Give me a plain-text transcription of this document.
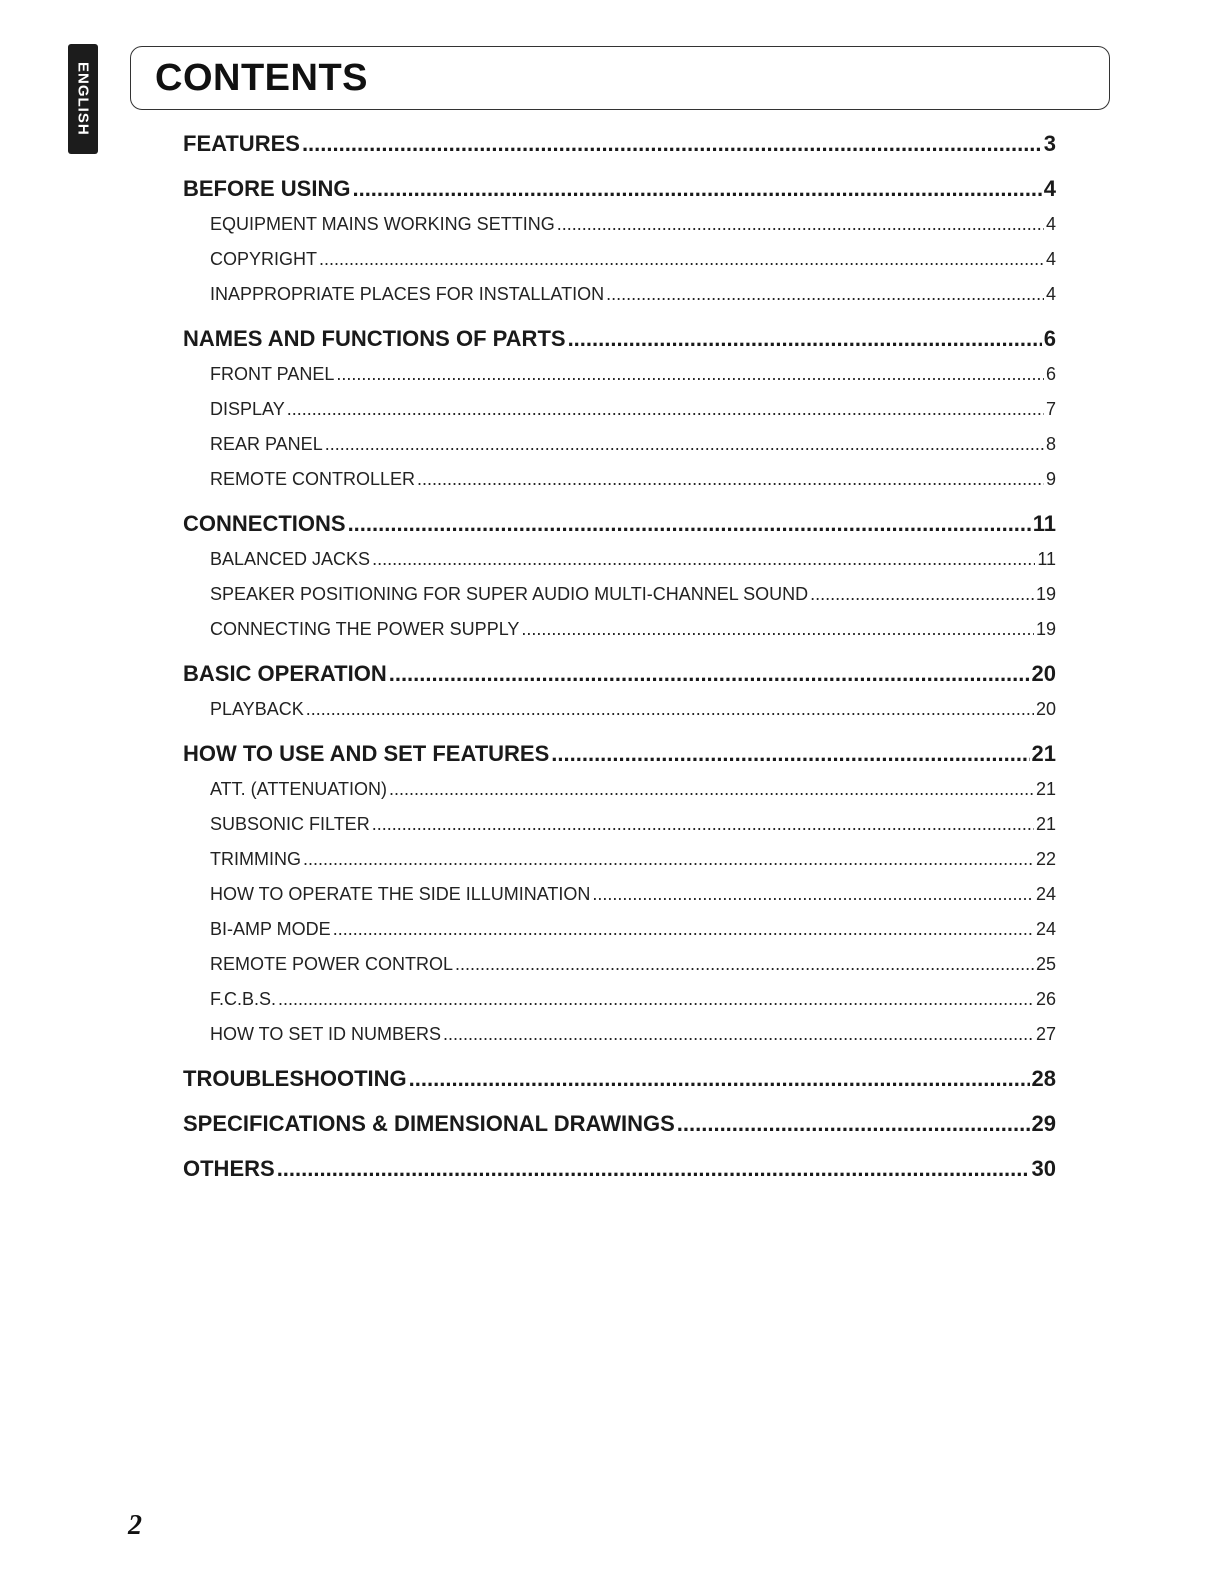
ENGLISH CONTENTS
FEATURES .....	3
BEFORE USING .....	4
EQUIPMENT MAINS WORKING SETTING .....	4
COPYRIGHT .....	4
INAPPROPRIATE PLACES FOR INSTALLATION .....	4
NAMES AND FUNCTIONS OF PARTS .....	6
FRONT PANEL .....	6
DISPLAY .....	7
REAR PANEL .....	8
REMOTE CONTROLLER .....	9
CONNECTIONS .....	11
BALANCED JACKS .....	11
SPEAKER POSITIONING FOR SUPER AUDIO MULTI-CHANNEL SOUND .....	19
CONNECTING THE POWER SUPPLY .....	19
BASIC OPERATION .....	20
PLAYBACK .....	20
HOW TO USE AND SET FEATURES .....	21
ATT. (ATTENUATION) .....	21
SUBSONIC FILTER .....	21
TRIMMING .....	22
HOW TO OPERATE THE SIDE ILLUMINATION .....	24
BI-AMP MODE .....	24
REMOTE POWER CONTROL .....	25
F.C.B.S. .....	26
HOW TO SET ID NUMBERS .....	27
TROUBLESHOOTING .....	28
SPECIFICATIONS & DIMENSIONAL DRAWINGS .....	29
OTHERS .....	30
2
